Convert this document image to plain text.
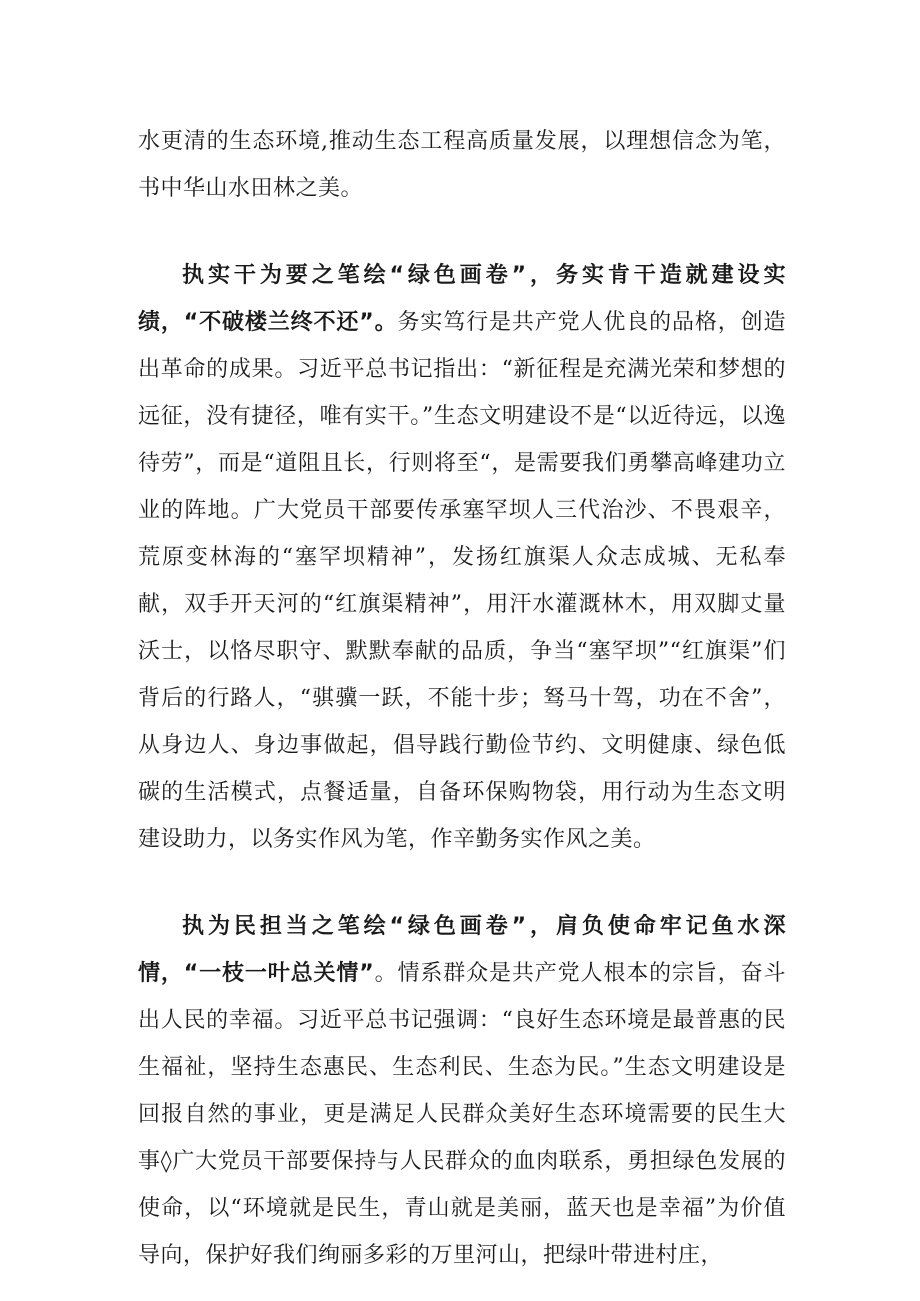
水更清的生态环境,推动生态工程高质量发展，以理想信念为笔，书中华山水田林之美。

执实干为要之笔绘“绿色画卷”，务实肯干造就建设实绩，“不破楼兰终不还”。务实笃行是共产党人优良的品格，创造出革命的成果。习近平总书记指出：“新征程是充满光荣和梦想的远征，没有捷径，唯有实干。”生态文明建设不是“以近待远，以逸待劳”，而是“道阻且长，行则将至“，是需要我们勇攀高峰建功立业的阵地。广大党员干部要传承塞罕坝人三代治沙、不畏艰辛，荒原变林海的“塞罕坝精神”，发扬红旗渠人众志成城、无私奉献，双手开天河的“红旗渠精神”，用汗水灌溉林木，用双脚丈量沃士，以恪尽职守、默默奉献的品质，争当“塞罕坝”“红旗渠”们背后的行路人，“骐骥一跃，不能十步；驽马十驾，功在不舍”，从身边人、身边事做起，倡导践行勤俭节约、文明健康、绿色低碳的生活模式，点餐适量，自备环保购物袋，用行动为生态文明建设助力，以务实作风为笔，作辛勤务实作风之美。

执为民担当之笔绘“绿色画卷”，肩负使命牢记鱼水深情，“一枝一叶总关情”。情系群众是共产党人根本的宗旨，奋斗出人民的幸福。习近平总书记强调：“良好生态环境是最普惠的民生福祉，坚持生态惠民、生态利民、生态为民。”生态文明建设是回报自然的事业，更是满足人民群众美好生态环境需要的民生大事◊广大党员干部要保持与人民群众的血肉联系，勇担绿色发展的使命，以“环境就是民生，青山就是美丽，蓝天也是幸福”为价值导向，保护好我们绚丽多彩的万里河山，把绿叶带进村庄，
